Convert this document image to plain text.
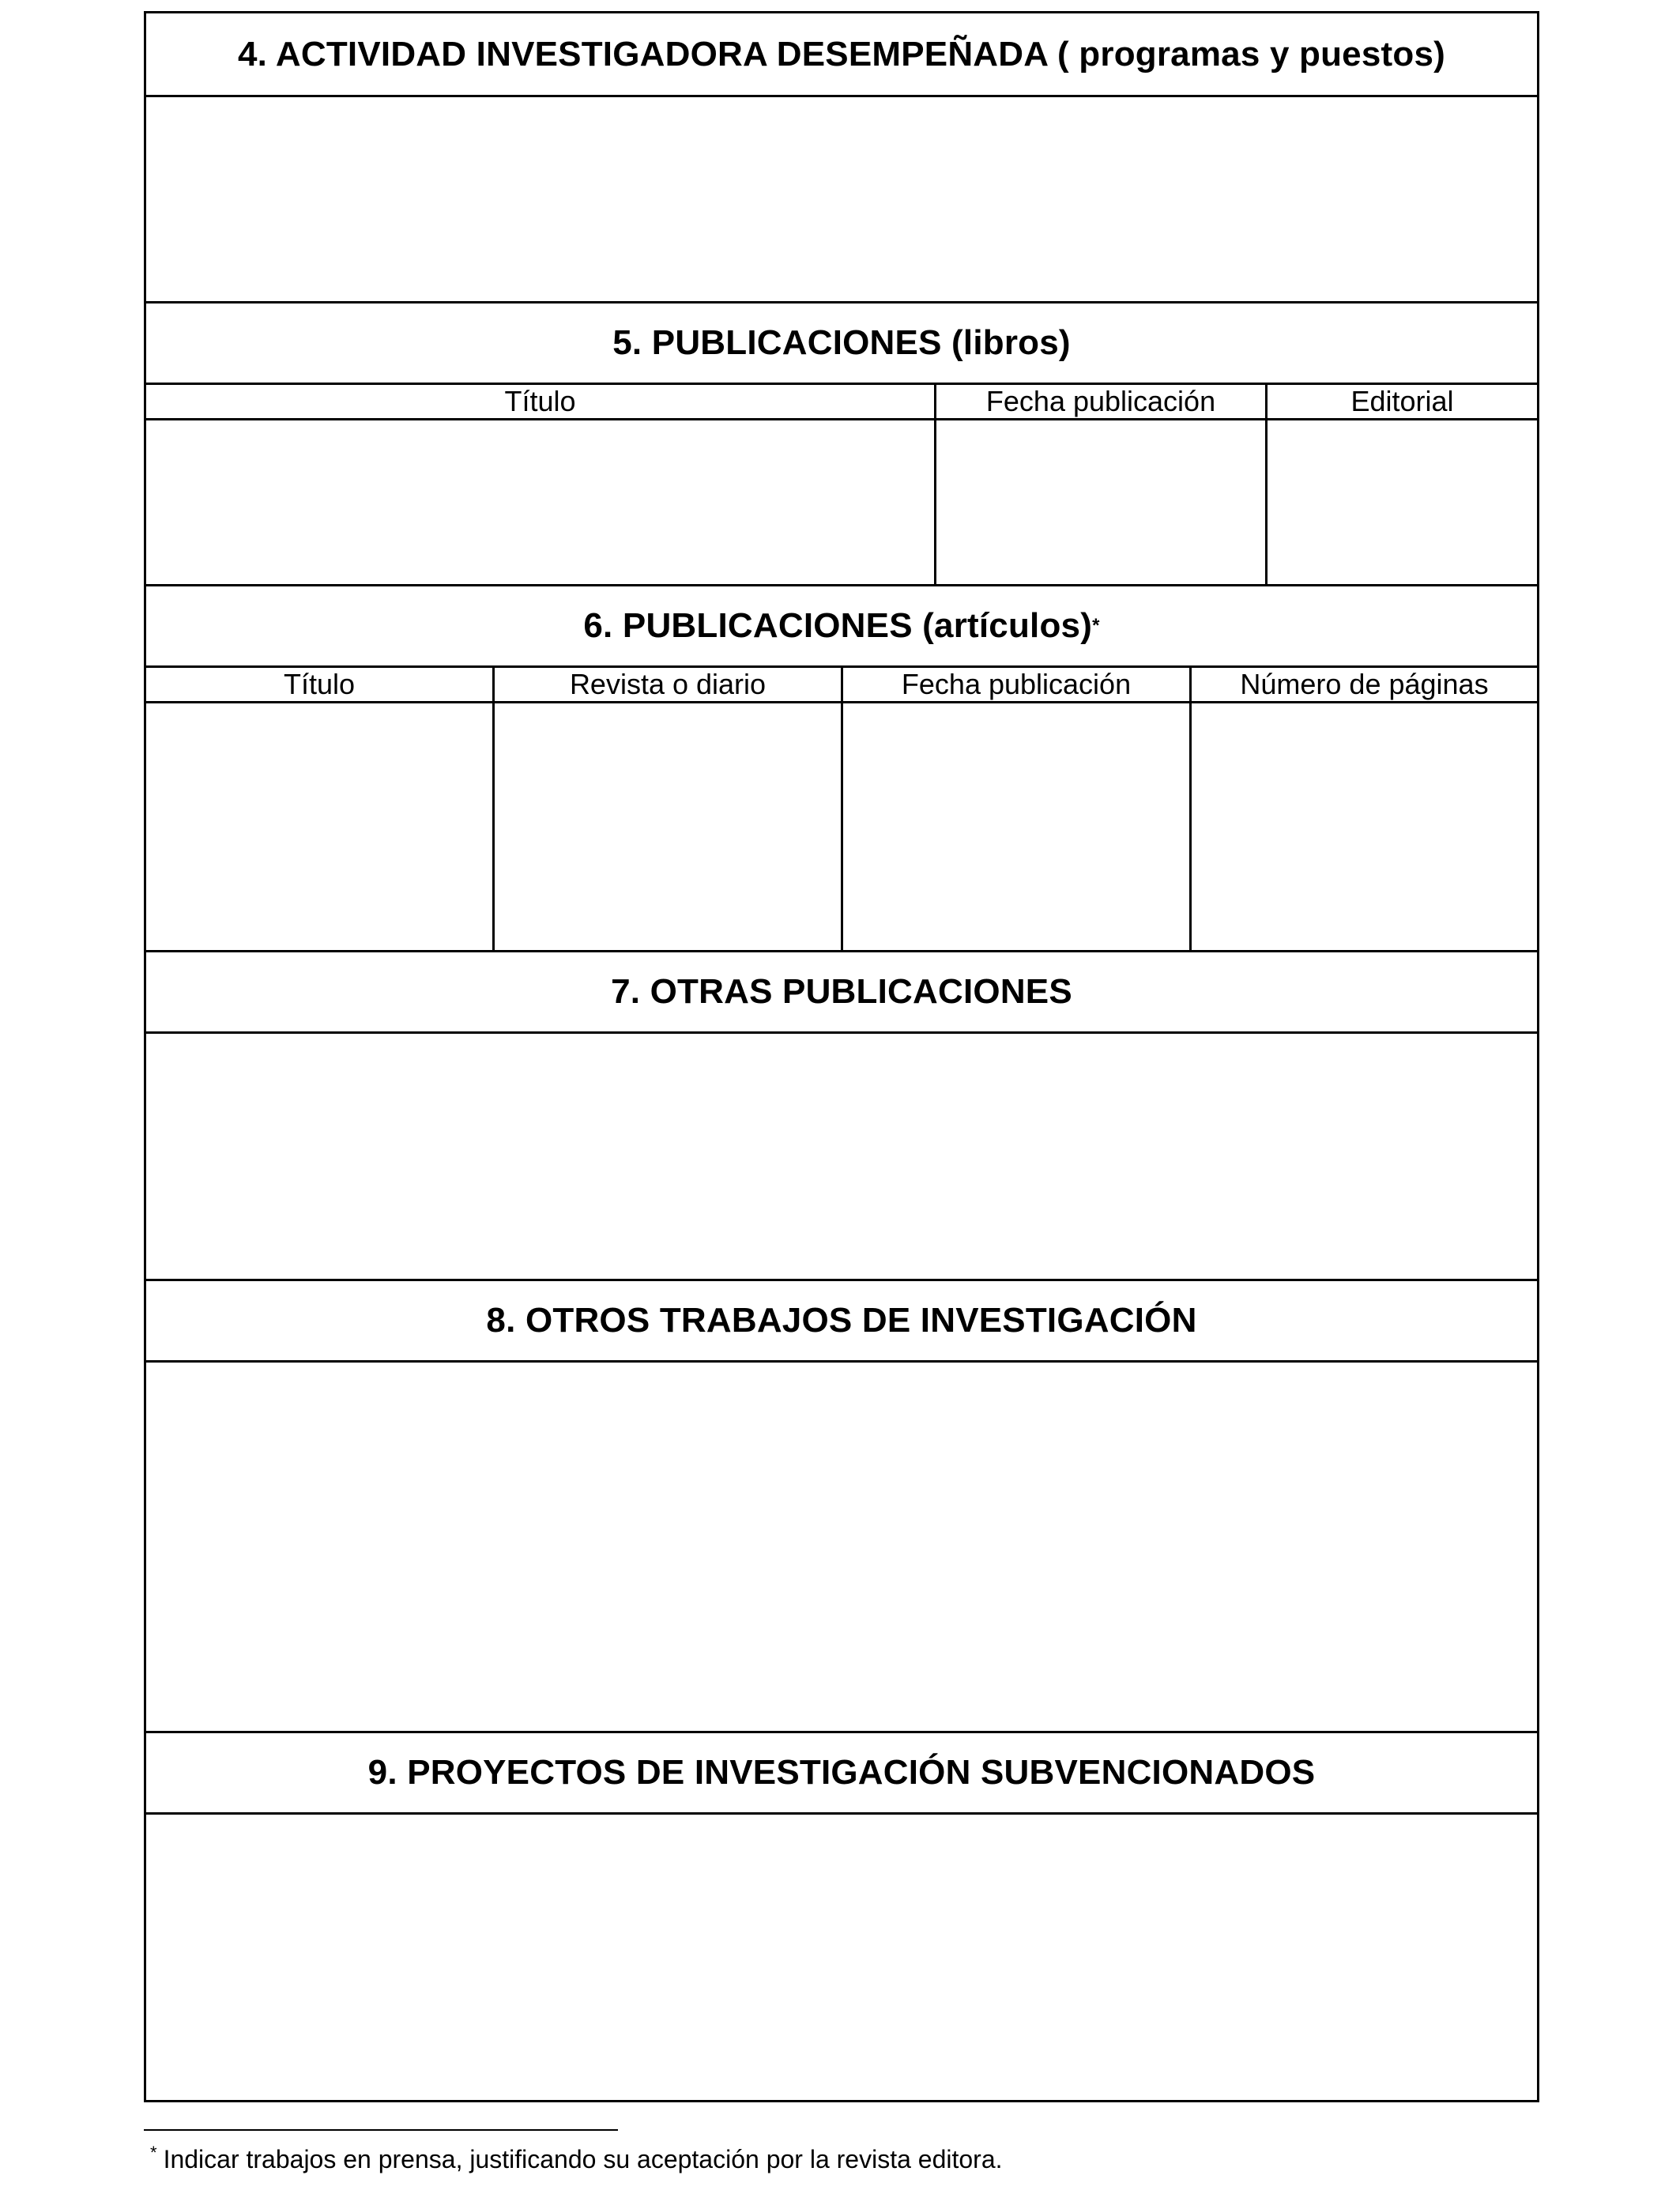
4. ACTIVIDAD INVESTIGADORA DESEMPEÑADA ( programas y puestos)
5. PUBLICACIONES (libros)
Título	Fecha publicación	Editorial
6. PUBLICACIONES (artículos) *
Título	Revista o diario	Fecha publicación	Número de páginas
7. OTRAS PUBLICACIONES
8. OTROS TRABAJOS DE INVESTIGACIÓN
9. PROYECTOS DE INVESTIGACIÓN SUBVENCIONADOS
* Indicar trabajos en prensa, justificando su aceptación por la revista editora.
